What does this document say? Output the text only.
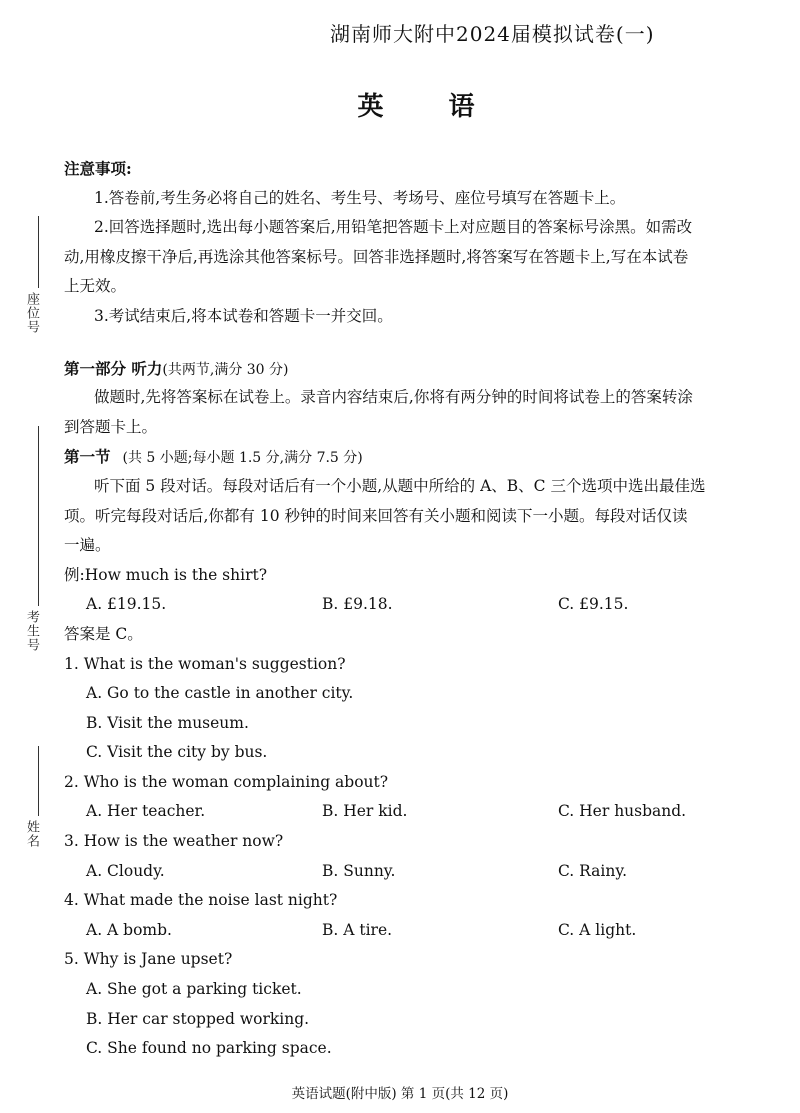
座位号
考生号
姓名
湖南师大附中2024届模拟试卷(一)
英 语
注意事项:
1.答卷前,考生务必将自己的姓名、考生号、考场号、座位号填写在答题卡上。
2.回答选择题时,选出每小题答案后,用铅笔把答题卡上对应题目的答案标号涂黑。如需改
动,用橡皮擦干净后,再选涂其他答案标号。回答非选择题时,将答案写在答题卡上,写在本试卷
上无效。
3.考试结束后,将本试卷和答题卡一并交回。
第一部分 听力(共两节,满分 30 分)
做题时,先将答案标在试卷上。录音内容结束后,你将有两分钟的时间将试卷上的答案转涂
到答题卡上。
第一节 (共 5 小题;每小题 1.5 分,满分 7.5 分)
听下面 5 段对话。每段对话后有一个小题,从题中所给的 A、B、C 三个选项中选出最佳选
项。听完每段对话后,你都有 10 秒钟的时间来回答有关小题和阅读下一小题。每段对话仅读
一遍。
例:How much is the shirt?
A. £19.15.	B. £9.18.	C. £9.15.
答案是 C。
1. What is the woman's suggestion?
A. Go to the castle in another city.
B. Visit the museum.
C. Visit the city by bus.
2. Who is the woman complaining about?
A. Her teacher.	B. Her kid.	C. Her husband.
3. How is the weather now?
A. Cloudy.	B. Sunny.	C. Rainy.
4. What made the noise last night?
A. A bomb.	B. A tire.	C. A light.
5. Why is Jane upset?
A. She got a parking ticket.
B. Her car stopped working.
C. She found no parking space.
英语试题(附中版) 第 1 页(共 12 页)
